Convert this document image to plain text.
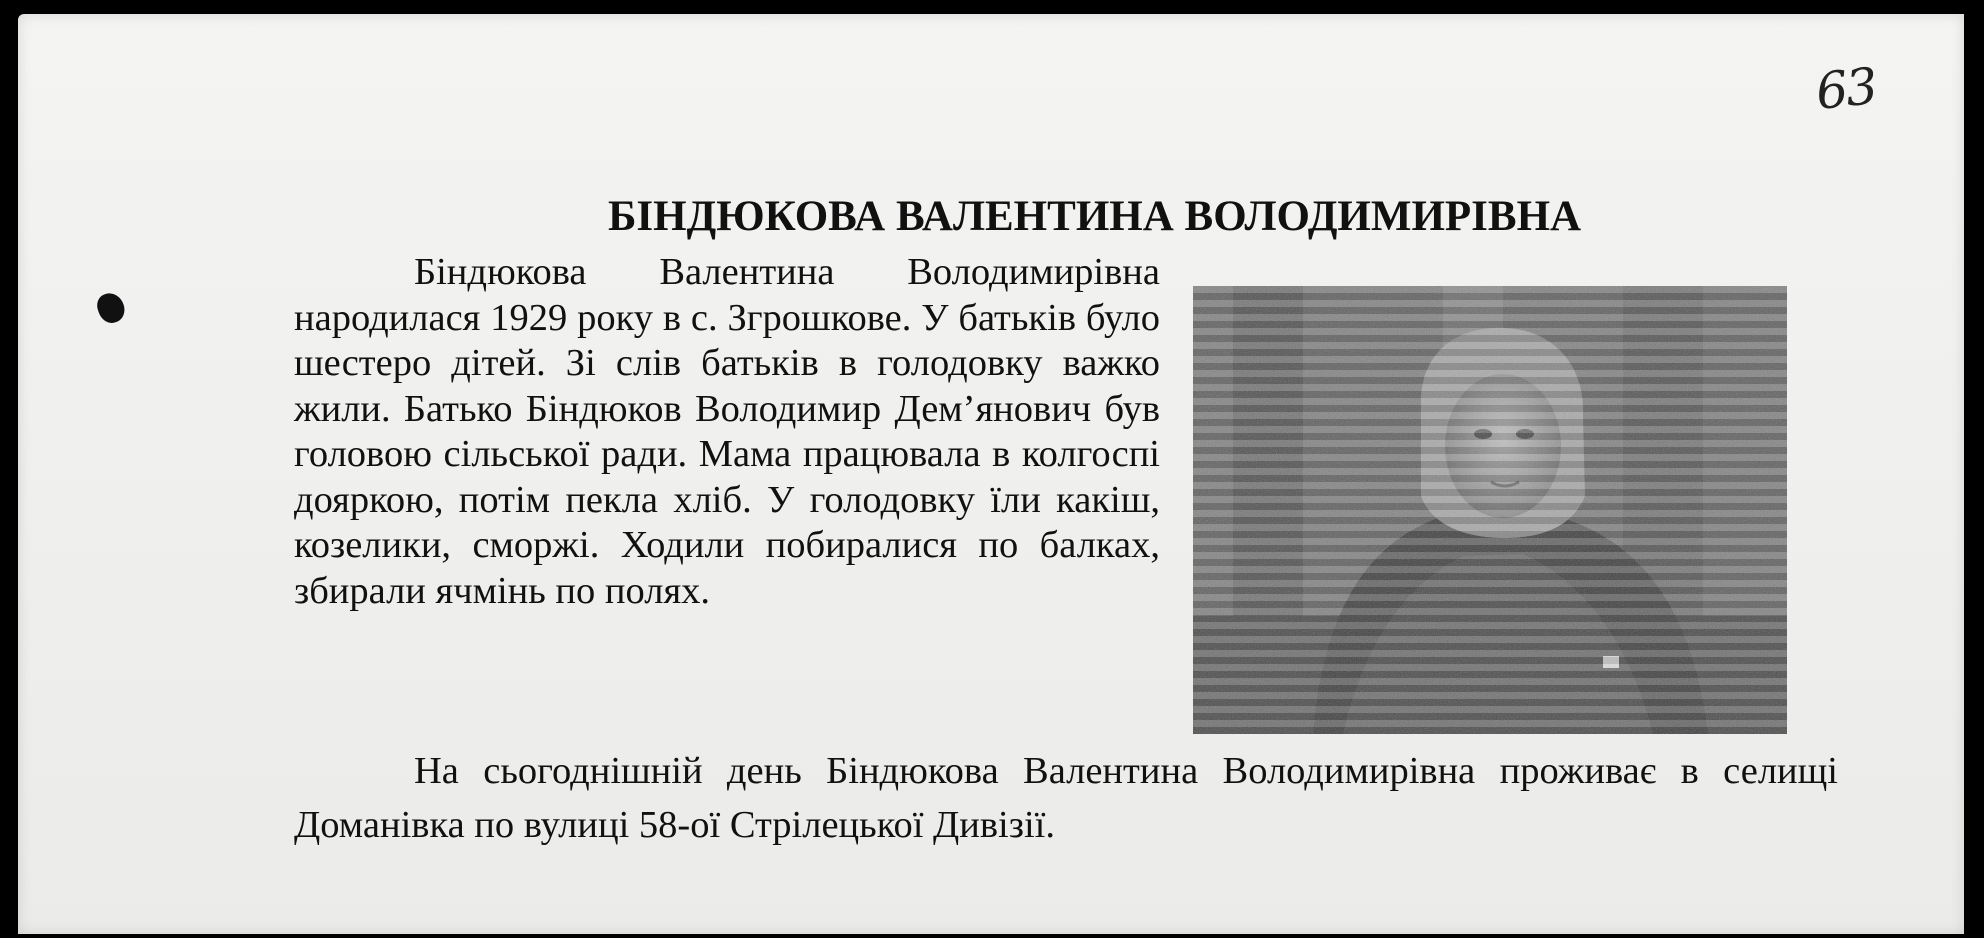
63
БІНДЮКОВА ВАЛЕНТИНА ВОЛОДИМИРІВНА

Біндюкова Валентина Володимирівна народилася 1929 року в с. Згрошкове. У батьків було шестеро дітей. Зі слів батьків в голодовку важко жили. Батько Біндюков Володимир Дем’янович був головою сільської ради. Мама працювала в колгоспі дояркою, потім пекла хліб. У голодовку їли какіш, козелики, сморжі. Ходили побиралися по балках, збирали ячмінь по полях.

На сьогоднішній день Біндюкова Валентина Володимирівна проживає в селищі Доманівка по вулиці 58-ої Стрілецької Дивізії.
